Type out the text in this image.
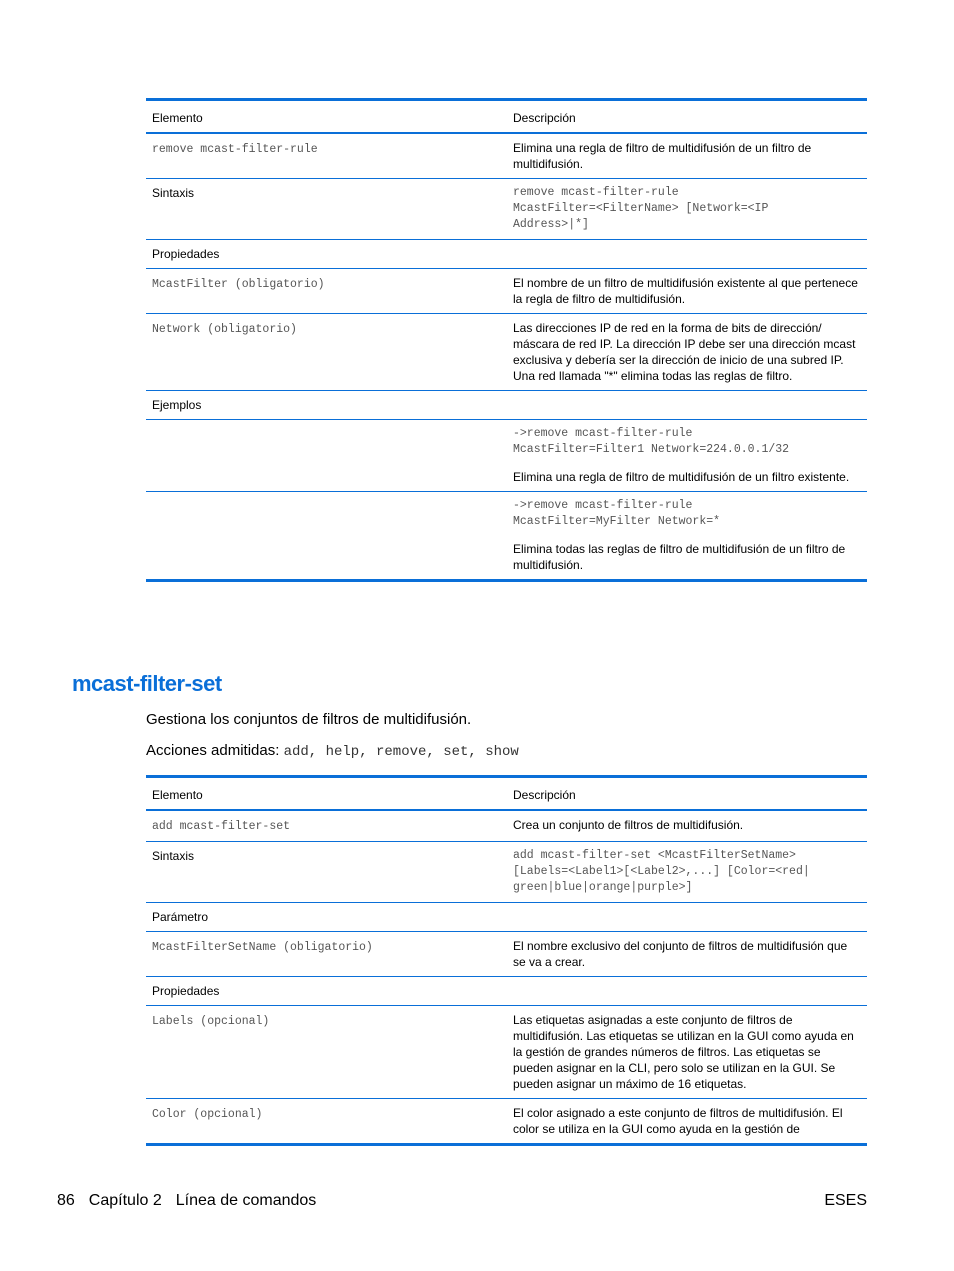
Elemento	Descripción
remove mcast-filter-rule	Elimina una regla de filtro de multidifusión de un filtro de multidifusión.
Sintaxis	remove mcast-filter-rule
McastFilter=<FilterName> [Network=<IP
Address>|*]

Propiedades	
McastFilter (obligatorio)	El nombre de un filtro de multidifusión existente al que pertenece la regla de filtro de multidifusión.
Network (obligatorio)	Las direcciones IP de red en la forma de bits de dirección/ máscara de red IP. La dirección IP debe ser una dirección mcast exclusiva y debería ser la dirección de inicio de una subred IP. Una red llamada "*" elimina todas las reglas de filtro.
Ejemplos	

	->remove mcast-filter-rule
McastFilter=Filter1 Network=224.0.0.1/32
Elimina una regla de filtro de multidifusión de un filtro existente.

	->remove mcast-filter-rule
McastFilter=MyFilter Network=*
Elimina todas las reglas de filtro de multidifusión de un filtro de multidifusión.
mcast-filter-set

Gestiona los conjuntos de filtros de multidifusión.

Acciones admitidas: add, help, remove, set, show

Elemento	Descripción
add mcast-filter-set	Crea un conjunto de filtros de multidifusión.
Sintaxis	add mcast-filter-set <McastFilterSetName>
[Labels=<Label1>[<Label2>,...] [Color=<red|
green|blue|orange|purple>]

Parámetro	
McastFilterSetName (obligatorio)	El nombre exclusivo del conjunto de filtros de multidifusión que se va a crear.
Propiedades	
Labels (opcional)	Las etiquetas asignadas a este conjunto de filtros de multidifusión. Las etiquetas se utilizan en la GUI como ayuda en la gestión de grandes números de filtros. Las etiquetas se pueden asignar en la CLI, pero solo se utilizan en la GUI. Se pueden asignar un máximo de 16 etiquetas.
Color (opcional)	El color asignado a este conjunto de filtros de multidifusión. El color se utiliza en la GUI como ayuda en la gestión de
86 Capítulo 2 Línea de comandos	ESES
